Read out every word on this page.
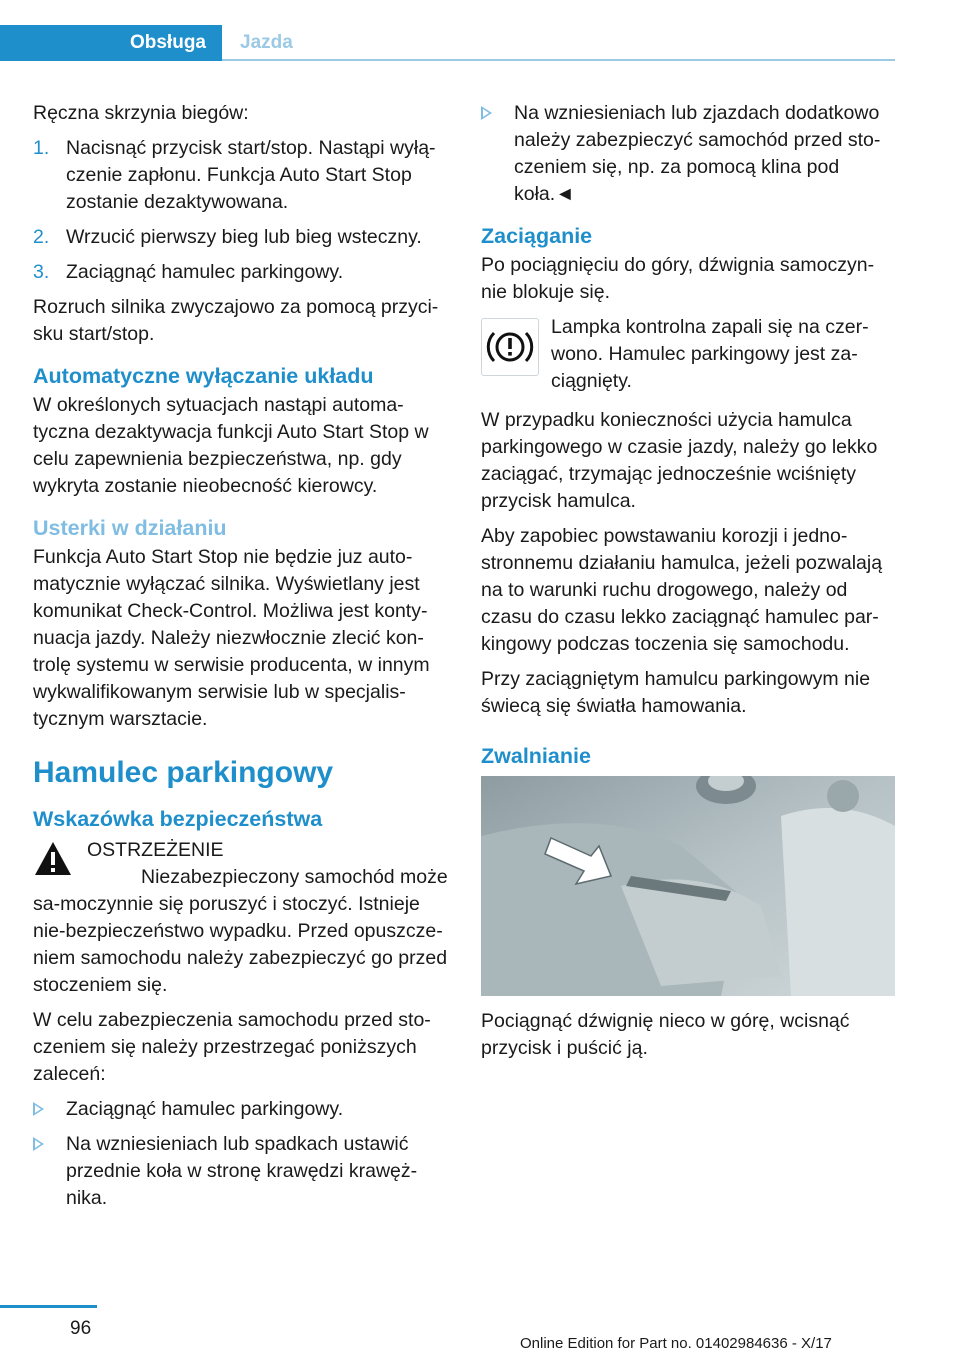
Obsługa Jazda

Ręczna skrzynia biegów:

1. Nacisnąć przycisk start/stop. Nastąpi wyłą-czenie zapłonu. Funkcja Auto Start Stop zostanie dezaktywowana.
2. Wrzucić pierwszy bieg lub bieg wsteczny.
3. Zaciągnąć hamulec parkingowy.

Rozruch silnika zwyczajowo za pomocą przyci-sku start/stop.

Automatyczne wyłączanie układu

W określonych sytuacjach nastąpi automa-tyczna dezaktywacja funkcji Auto Start Stop w celu zapewnienia bezpieczeństwa, np. gdy wykryta zostanie nieobecność kierowcy.

Usterki w działaniu

Funkcja Auto Start Stop nie będzie juz auto-matycznie wyłączać silnika. Wyświetlany jest komunikat Check-Control. Możliwa jest konty-nuacja jazdy. Należy niezwłocznie zlecić kon-trolę systemu w serwisie producenta, w innym wykwalifikowanym serwisie lub w specjalis-tycznym warsztacie.

Hamulec parkingowy
Wskazówka bezpieczeństwa
OSTRZEŻENIE
Niezabezpieczony samochód może sa-moczynnie się poruszyć i stoczyć. Istnieje nie-bezpieczeństwo wypadku. Przed opuszcze-niem samochodu należy zabezpieczyć go przed stoczeniem się.

W celu zabezpieczenia samochodu przed sto-czeniem się należy przestrzegać poniższych zaleceń:

Zaciągnąć hamulec parkingowy.
Na wzniesieniach lub spadkach ustawić przednie koła w stronę krawędzi krawęż-nika.
Na wzniesieniach lub zjazdach dodatkowo należy zabezpieczyć samochód przed sto-czeniem się, np. za pomocą klina pod koła.◄
Zaciąganie

Po pociągnięciu do góry, dźwignia samoczyn-nie blokuje się.

Lampka kontrolna zapali się na czer-wono. Hamulec parkingowy jest za-ciągnięty.

W przypadku konieczności użycia hamulca parkingowego w czasie jazdy, należy go lekko zaciągać, trzymając jednocześnie wciśnięty przycisk hamulca.

Aby zapobiec powstawaniu korozji i jedno-stronnemu działaniu hamulca, jeżeli pozwalają na to warunki ruchu drogowego, należy od czasu do czasu lekko zaciągnąć hamulec par-kingowy podczas toczenia się samochodu.

Przy zaciągniętym hamulcu parkingowym nie świecą się światła hamowania.

Zwalnianie

Pociągnąć dźwignię nieco w górę, wcisnąć przycisk i puścić ją.

96
Online Edition for Part no. 01402984636 - X/17
